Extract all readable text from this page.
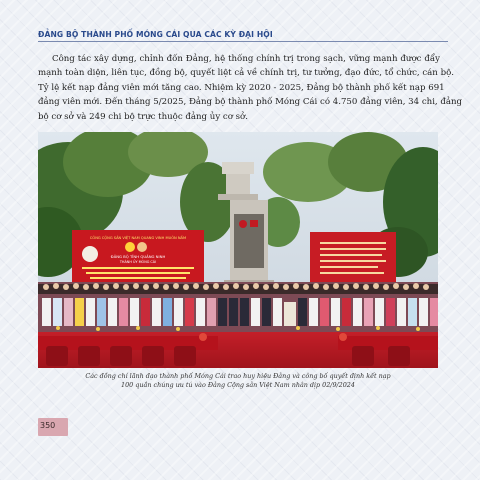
ĐẢNG BỘ THÀNH PHỐ MÓNG CÁI QUA CÁC KỲ ĐẠI HỘI
Công tác xây dựng, chỉnh đốn Đảng, hệ thống chính trị trong sạch, vững mạnh được đẩy
mạnh toàn diện, liên tục, đồng bộ, quyết liệt cả về chính trị, tư tưởng, đạo đức, tổ chức, cán bộ.
Tỷ lệ kết nạp đảng viên mới tăng cao. Nhiệm kỳ 2020 - 2025, Đảng bộ thành phố kết nạp 691
đảng viên mới. Đến tháng 5/2025, Đảng bộ thành phố Móng Cái có 4.750 đảng viên, 34 chi, đảng
bộ cơ sở và 249 chi bộ trực thuộc đảng ủy cơ sở.
CÔNG CỘNG SẢN VIỆT NAM QUANG VINH MUÔN NĂM
ĐẢNG BỘ TỈNH QUẢNG NINH
THÀNH ỦY MÓNG CÁI
Các đồng chí lãnh đạo thành phố Móng Cái trao huy hiệu Đảng và công bố quyết định kết nạp
100 quần chúng ưu tú vào Đảng Cộng sản Việt Nam nhân dịp 02/9/2024
350
